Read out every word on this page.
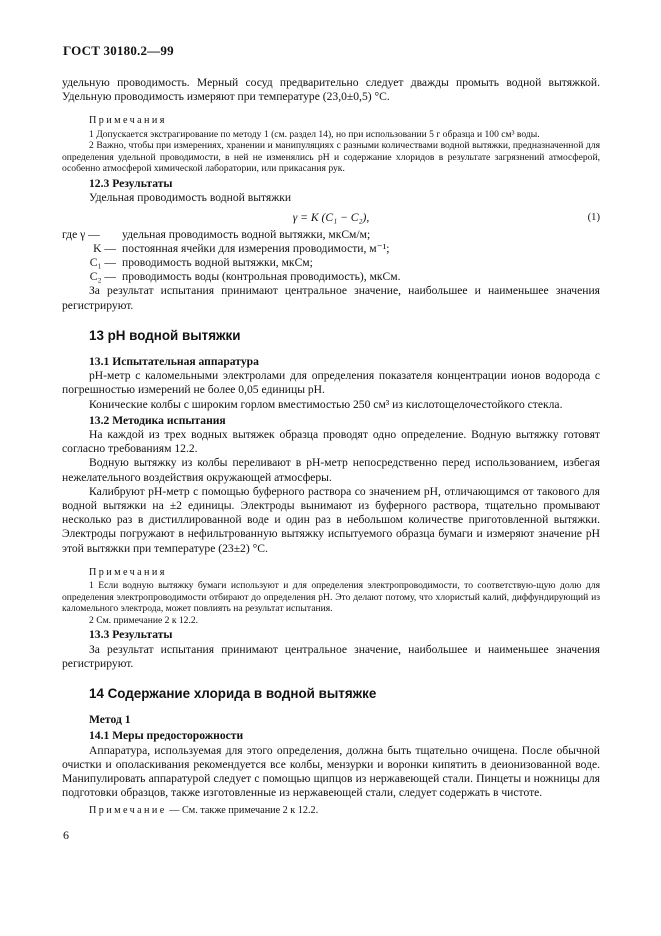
ГОСТ 30180.2—99

удельную проводимость. Мерный сосуд предварительно следует дважды промыть водной вытяжкой. Удельную проводимость измеряют при температуре (23,0±0,5) °С.

Примечания

1 Допускается экстрагирование по методу 1 (см. раздел 14), но при использовании 5 г образца и 100 см³ воды.

2 Важно, чтобы при измерениях, хранении и манипуляциях с разными количествами водной вытяжки, предназначенной для определения удельной проводимости, в ней не изменялись pH и содержание хлоридов в результате загрязнений атмосферой, особенно атмосферой химической лаборатории, или прикасания рук.

12.3 Результаты

Удельная проводимость водной вытяжки

γ = K (C₁ − C₂),	(1)

где γ —	удельная проводимость водной вытяжки, мкСм/м;
K — постоянная ячейки для измерения проводимости, м⁻¹;
C₁ — проводимость водной вытяжки, мкСм;
C₂ — проводимость воды (контрольная проводимость), мкСм.

За результат испытания принимают центральное значение, наибольшее и наименьшее значения регистрируют.

13 pH водной вытяжки

13.1 Испытательная аппаратура

pH-метр с каломельными электролами для определения показателя концентрации ионов водорода с погрешностью измерений не более 0,05 единицы pH.

Конические колбы с широким горлом вместимостью 250 см³ из кислотощелочестойкого стекла.

13.2 Методика испытания

На каждой из трех водных вытяжек образца проводят одно определение. Водную вытяжку готовят согласно требованиям 12.2.

Водную вытяжку из колбы переливают в pH-метр непосредственно перед использованием, избегая нежелательного воздействия окружающей атмосферы.

Калибруют pH-метр с помощью буферного раствора со значением pH, отличающимся от такового для водной вытяжки на ±2 единицы. Электроды вынимают из буферного раствора, тщательно промывают несколько раз в дистиллированной воде и один раз в небольшом количестве приготовленной вытяжки. Электроды погружают в нефильтрованную вытяжку испытуемого образца бумаги и измеряют значение pH этой вытяжки при температуре (23±2) °С.

Примечания

1 Если водную вытяжку бумаги используют и для определения электропроводимости, то соответствую-щую долю для определения электропроводимости отбирают до определения pH. Это делают потому, что хлористый калий, диффундирующий из каломельного электрода, может повлиять на результат испытания.

2 См. примечание 2 к 12.2.

13.3 Результаты

За результат испытания принимают центральное значение, наибольшее и наименьшее значения регистрируют.

14 Содержание хлорида в водной вытяжке

Метод 1

14.1 Меры предосторожности

Аппаратура, используемая для этого определения, должна быть тщательно очищена. После обычной очистки и ополаскивания рекомендуется все колбы, мензурки и воронки кипятить в деионизованной воде. Манипулировать аппаратурой следует с помощью щипцов из нержавеющей стали. Пинцеты и ножницы для подготовки образцов, также изготовленные из нержавеющей стали, следует содержать в чистоте.

Примечание — См. также примечание 2 к 12.2.

6
